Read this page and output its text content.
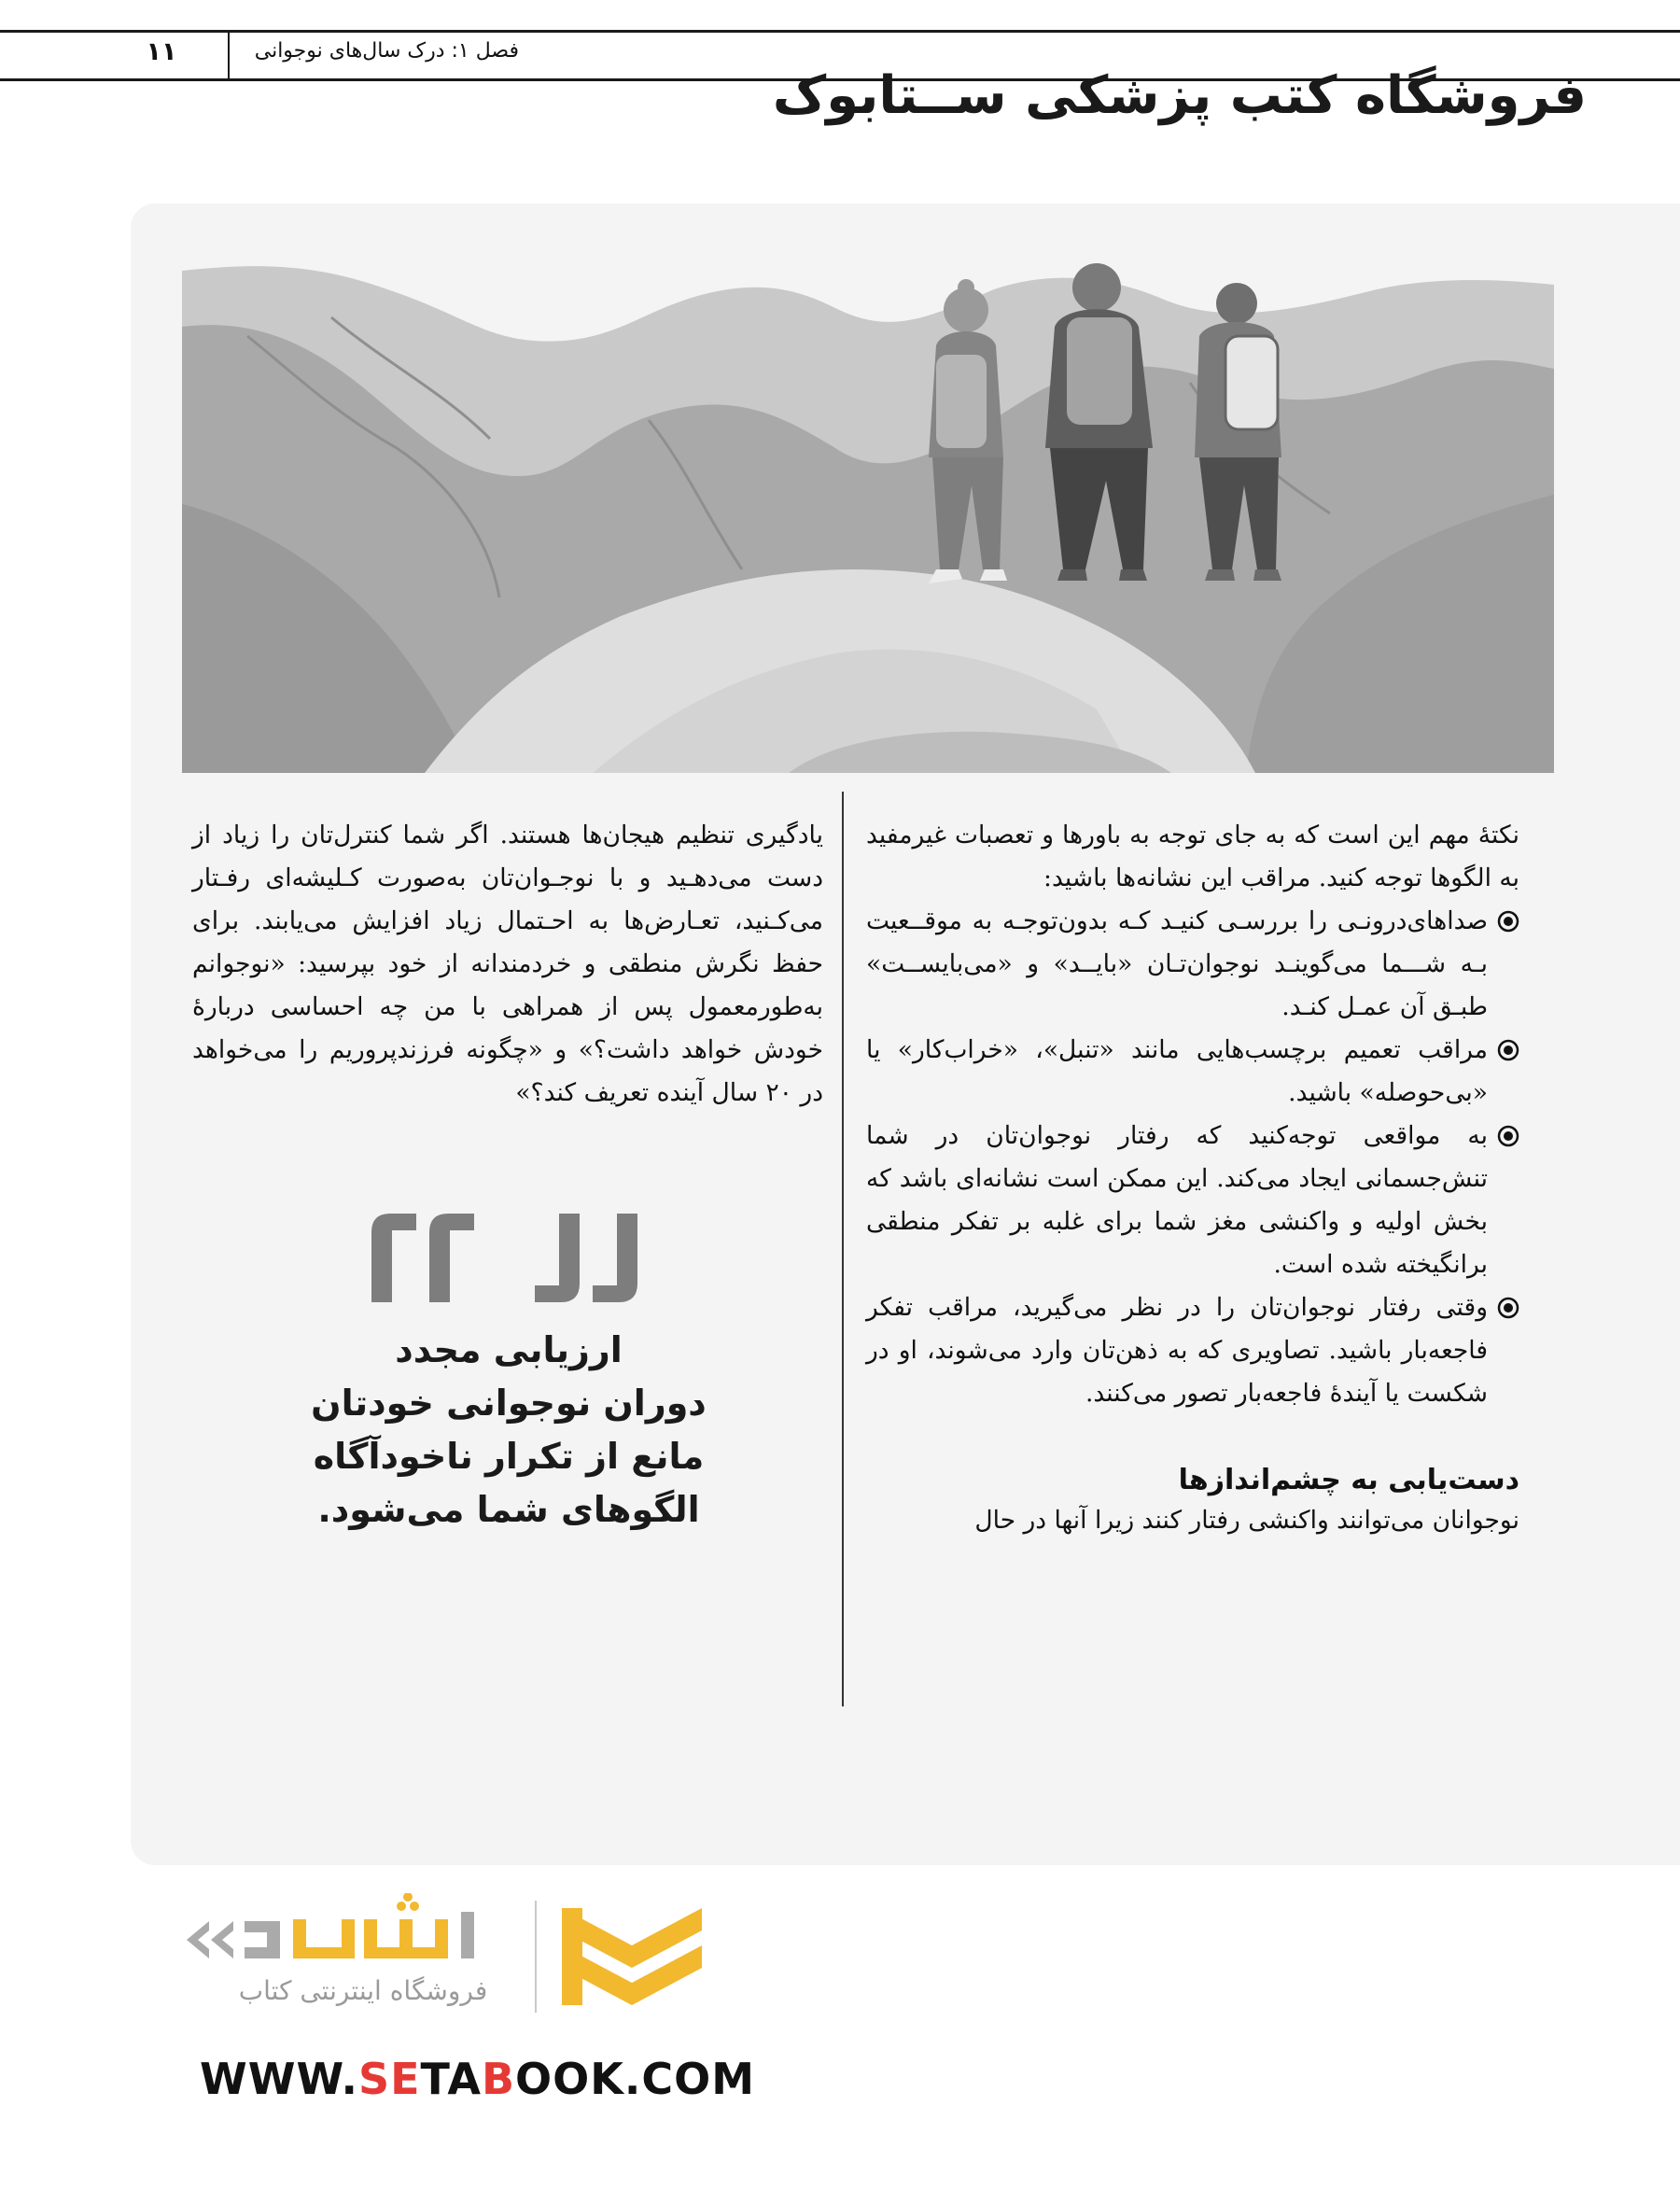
۱۱	فصل ۱: درک سال‌های نوجوانی
فروشگاه کتب پزشکی ســتابوک

نکتهٔ مهم این است که به جای توجه به باورها و تعصبات غیرمفید به الگوها توجه کنید. مراقب این نشانه‌ها باشید:

صداهای‌درونـی را بررسـی کنیـد کـه بدون‌توجـه به موقــعیت بـه شـــما می‌گوینـد نوجوان‌تـان «بایــد» و «می‌بایســت» طبـق آن عمـل کنـد.
مراقب تعمیم برچسب‌هایی مانند «تنبل»، «خراب‌کار» یا «بی‌حوصله» باشید.
به مواقعی توجه‌کنید که رفتار نوجوان‌تان در شما تنش‌جسمانی ایجاد می‌کند. این ممکن است نشانه‌ای باشد که بخش اولیه و واکنشی مغز شما برای غلبه بر تفکر منطقی برانگیخته شده است.
وقتی رفتار نوجوان‌تان را در نظر می‌گیرید، مراقب تفکر فاجعه‌بار باشید. تصاویری که به ذهن‌تان وارد می‌شوند، او در شکست یا آیندهٔ فاجعه‌بار تصور می‌کنند.
دست‌یابی به چشم‌اندازها

نوجوانان می‌توانند واکنشی رفتار کنند زیرا آنها در حال

یادگیری تنظیم هیجان‌ها هستند. اگر شما کنترل‌تان را زیاد از دست می‌دهـید و با نوجـوان‌تان به‌صورت کـلیشه‌ای رفـتار می‌کـنید، تعـارض‌ها به احـتمال زیاد افزایش می‌یابند. برای حفظ نگرش منطقی و خردمندانه از خود بپرسید: «نوجوانم به‌طورمعمول پس از همراهی با من چه احساسی دربارهٔ خودش خواهد داشت؟» و «چگونه فرزندپروریم را می‌خواهد در ۲۰ سال آینده تعریف کند؟»

ارزیابی مجدد
دوران نوجوانی خودتان
مانع از تکرار ناخودآگاه
الگوهای شما می‌شود.
فروشگاه اینترنتی کتاب
WWW.SETABOOK.COM
